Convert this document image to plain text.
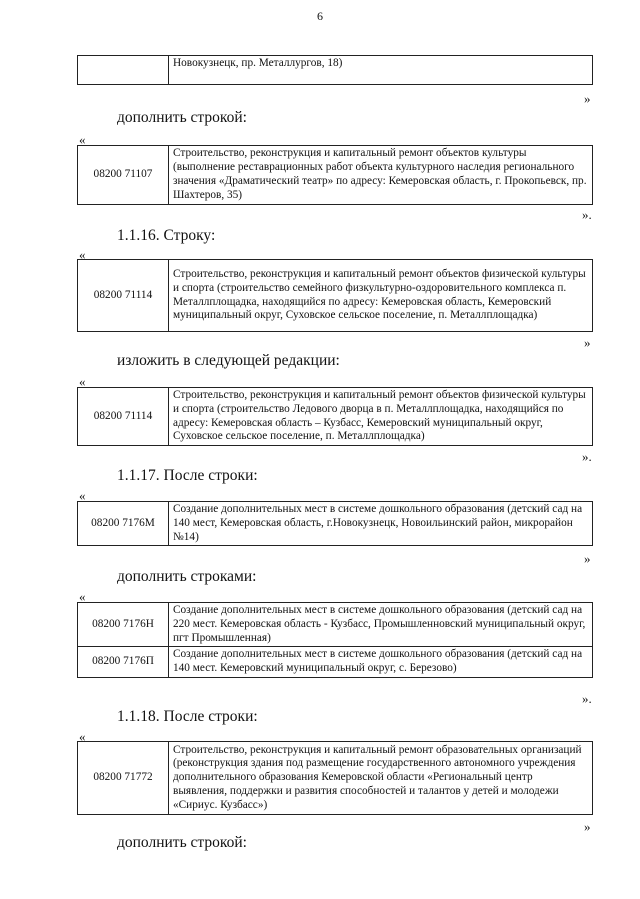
6
	Новокузнецк, пр. Металлургов, 18)
»
дополнить строкой:
«
08200 71107	Строительство, реконструкция и капитальный ремонт объектов культуры (выполнение реставрационных работ объекта культурного наследия регионального значения «Драматический театр» по адресу: Кемеровская область, г. Прокопьевск, пр. Шахтеров, 35)
».
1.1.16. Строку:
«
08200 71114	Строительство, реконструкция и капитальный ремонт объектов физической культуры и спорта (строительство семейного физкультурно-оздоровительного комплекса п. Металлплощадка, находящийся по адресу: Кемеровская область, Кемеровский муниципальный округ, Суховское сельское поселение, п. Металлплощадка)
»
изложить в следующей редакции:
«
08200 71114	Строительство, реконструкция и капитальный ремонт объектов физической культуры и спорта (строительство Ледового дворца в п. Металлплощадка, находящийся по адресу: Кемеровская область – Кузбасс, Кемеровский муниципальный округ, Суховское сельское поселение, п. Металлплощадка)
».
1.1.17. После строки:
«
08200 7176М	Создание дополнительных мест в системе дошкольного образования (детский сад на 140 мест, Кемеровская область, г.Новокузнецк, Новоильинский район, микрорайон №14)
»
дополнить строками:
«
08200 7176Н	Создание дополнительных мест в системе дошкольного образования (детский сад на 220 мест. Кемеровская область - Кузбасс, Промышленновский муниципальный округ, пгт Промышленная)
08200 7176П	Создание дополнительных мест в системе дошкольного образования (детский сад на 140 мест. Кемеровский муниципальный округ, с. Березово)
».
1.1.18. После строки:
«
08200 71772	Строительство, реконструкция и капитальный ремонт образовательных организаций (реконструкция здания под размещение государственного автономного учреждения дополнительного образования Кемеровской области «Региональный центр выявления, поддержки и развития способностей и талантов у детей и молодежи «Сириус. Кузбасс»)
»
дополнить строкой:
